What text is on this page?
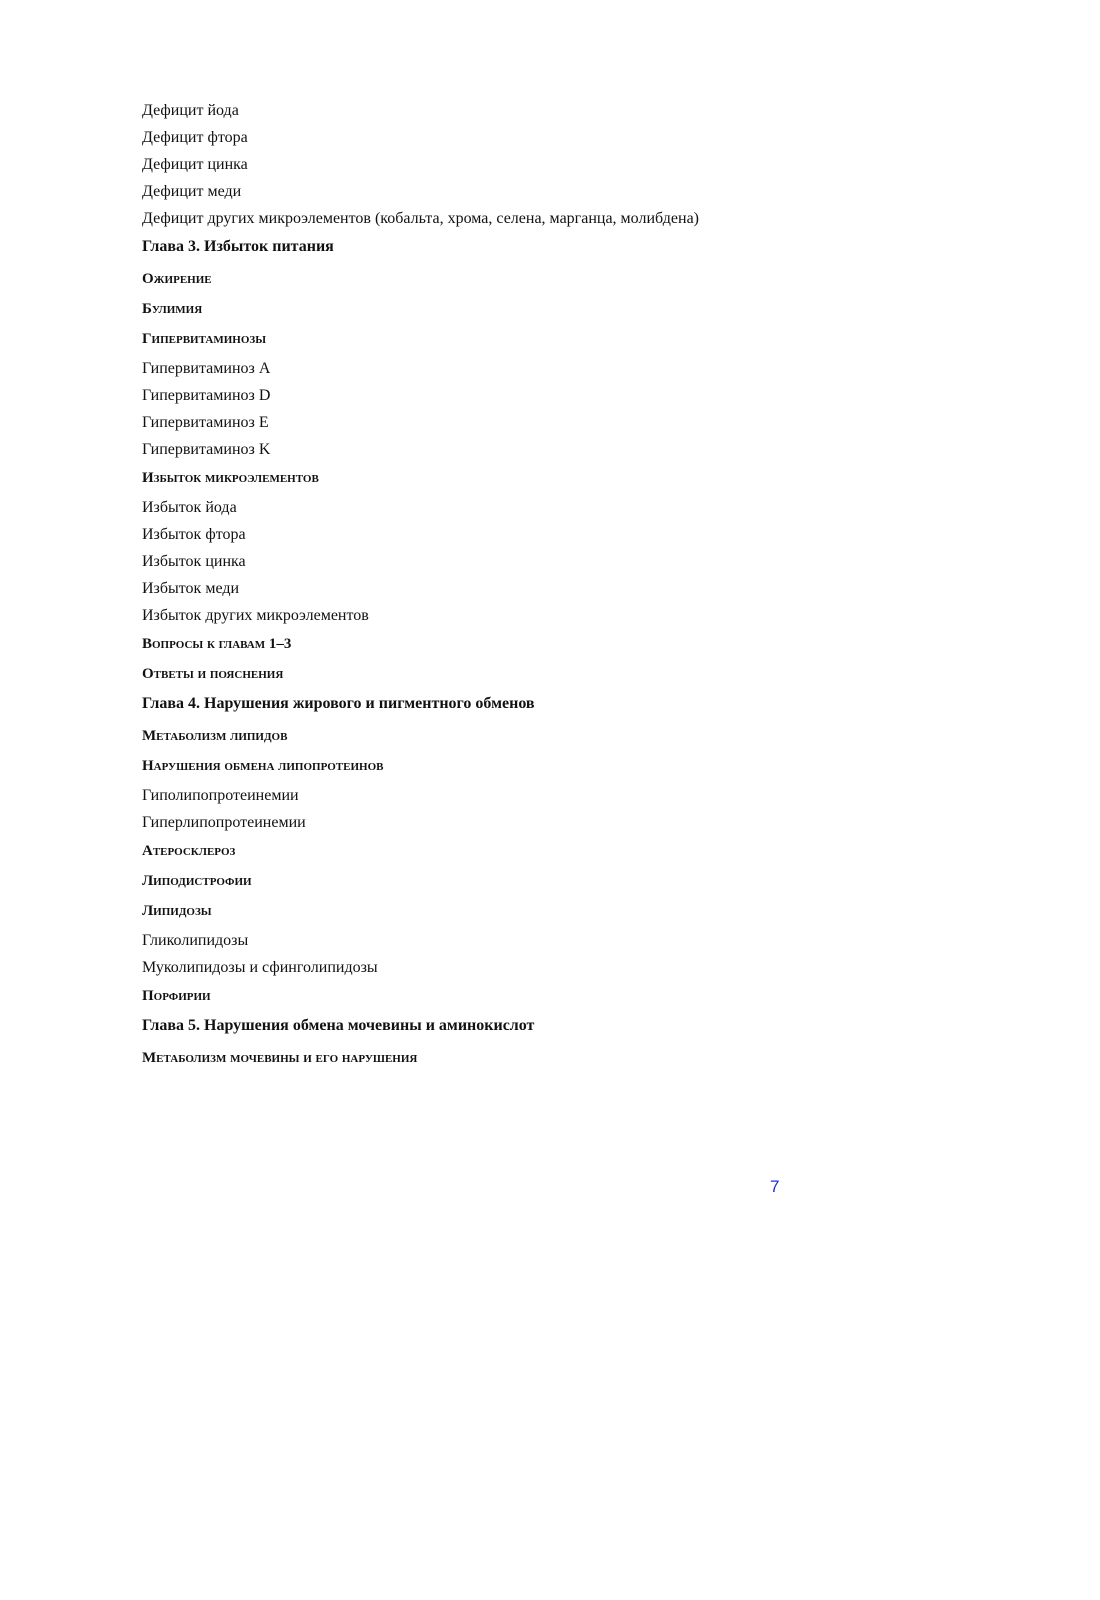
Дефицит йода
Дефицит фтора
Дефицит цинка
Дефицит меди
Дефицит других микроэлементов (кобальта, хрома, селена, марганца, молибдена)
Глава 3. Избыток питания
Ожирение
Булимия
Гипервитаминозы
Гипервитаминоз A
Гипервитаминоз D
Гипервитаминоз E
Гипервитаминоз K
Избыток микроэлементов
Избыток йода
Избыток фтора
Избыток цинка
Избыток меди
Избыток других микроэлементов
Вопросы к главам 1–3
Ответы и пояснения
Глава 4. Нарушения жирового и пигментного обменов
Метаболизм липидов
Нарушения обмена липопротеинов
Гиполипопротеинемии
Гиперлипопротеинемии
Атеросклероз
Липодистрофии
Липидозы
Гликолипидозы
Муколипидозы и сфинголипидозы
Порфирии
Глава 5. Нарушения обмена мочевины и аминокислот
Метаболизм мочевины и его нарушения
7
